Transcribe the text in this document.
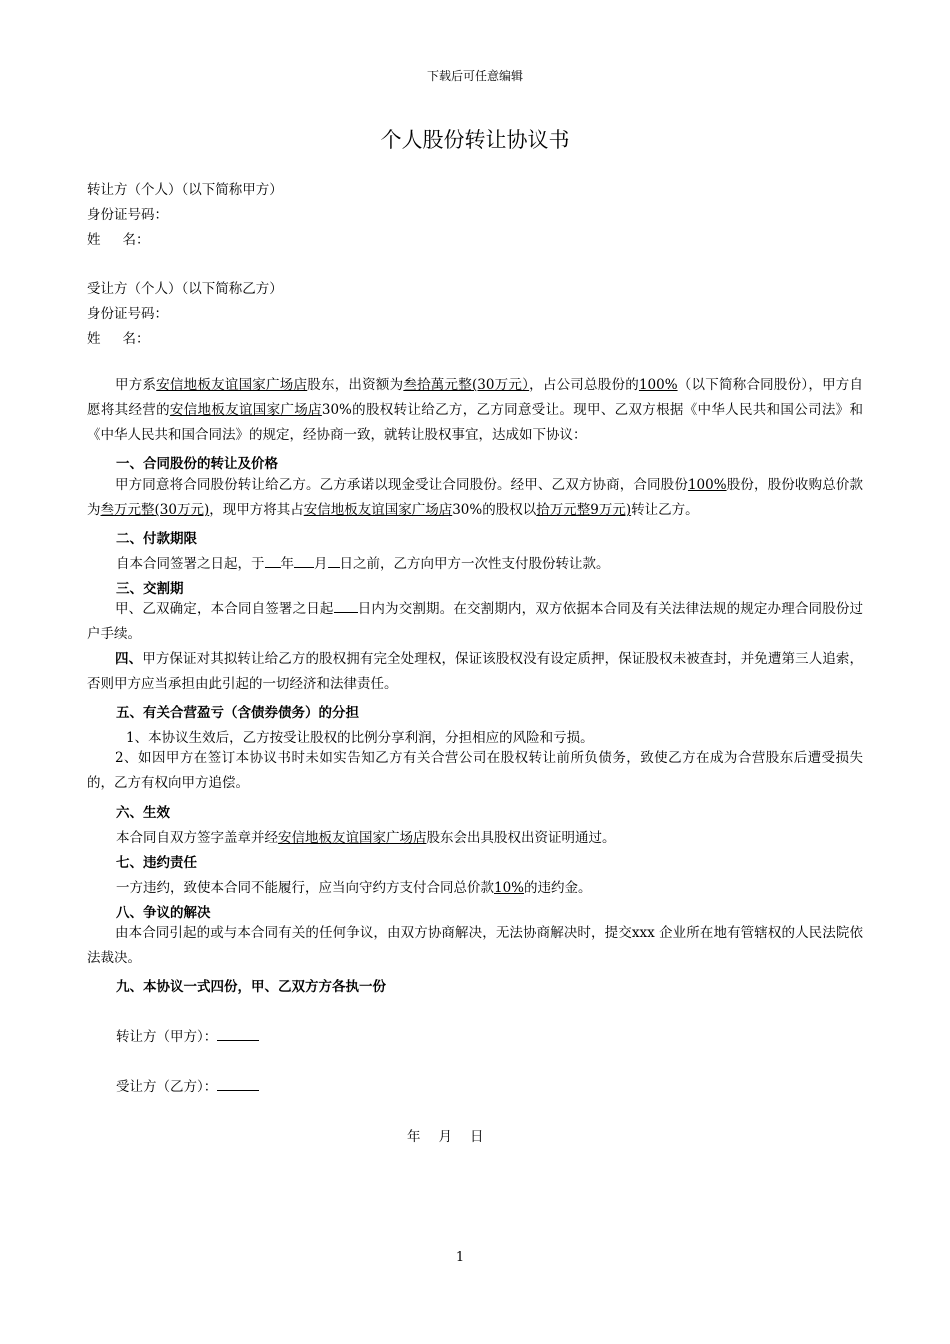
下载后可任意编辑
个人股份转让协议书
转让方（个人）（以下简称甲方）
身份证号码：
姓 名：
受让方（个人）（以下简称乙方）
身份证号码：
姓 名：
甲方系安信地板友谊国家广场店股东，出资额为叁拾萬元整(30万元），占公司总股份的100%（以下简称合同股份），甲方自愿将其经营的安信地板友谊国家广场店30%的股权转让给乙方，乙方同意受让。现甲、乙双方根据《中华人民共和国公司法》和《中华人民共和国合同法》的规定，经协商一致，就转让股权事宜，达成如下协议：
一、合同股份的转让及价格
甲方同意将合同股份转让给乙方。乙方承诺以现金受让合同股份。经甲、乙双方协商，合同股份100%股份，股份收购总价款为叁万元整(30万元)，现甲方将其占安信地板友谊国家广场店30%的股权以拾万元整9万元)转让乙方。
二、付款期限
自本合同签署之日起，于 年 月 日之前，乙方向甲方一次性支付股份转让款。
三、交割期
甲、乙双确定，本合同自签署之日起 日内为交割期。在交割期内，双方依据本合同及有关法律法规的规定办理合同股份过户手续。
四、甲方保证对其拟转让给乙方的股权拥有完全处理权，保证该股权没有设定质押，保证股权未被查封，并免遭第三人追索，否则甲方应当承担由此引起的一切经济和法律责任。
五、有关合营盈亏（含债券债务）的分担
1、本协议生效后，乙方按受让股权的比例分享利润，分担相应的风险和亏损。
2、如因甲方在签订本协议书时未如实告知乙方有关合营公司在股权转让前所负债务，致使乙方在成为合营股东后遭受损失的，乙方有权向甲方追偿。
六、生效
本合同自双方签字盖章并经安信地板友谊国家广场店股东会出具股权出资证明通过。
七、违约责任
一方违约，致使本合同不能履行，应当向守约方支付合同总价款10%的违约金。
八、争议的解决
由本合同引起的或与本合同有关的任何争议，由双方协商解决，无法协商解决时，提交xxx 企业所在地有管辖权的人民法院依法裁决。
九、本协议一式四份，甲、乙双方方各执一份
转让方（甲方）：
受让方（乙方）：
年 月 日
1
